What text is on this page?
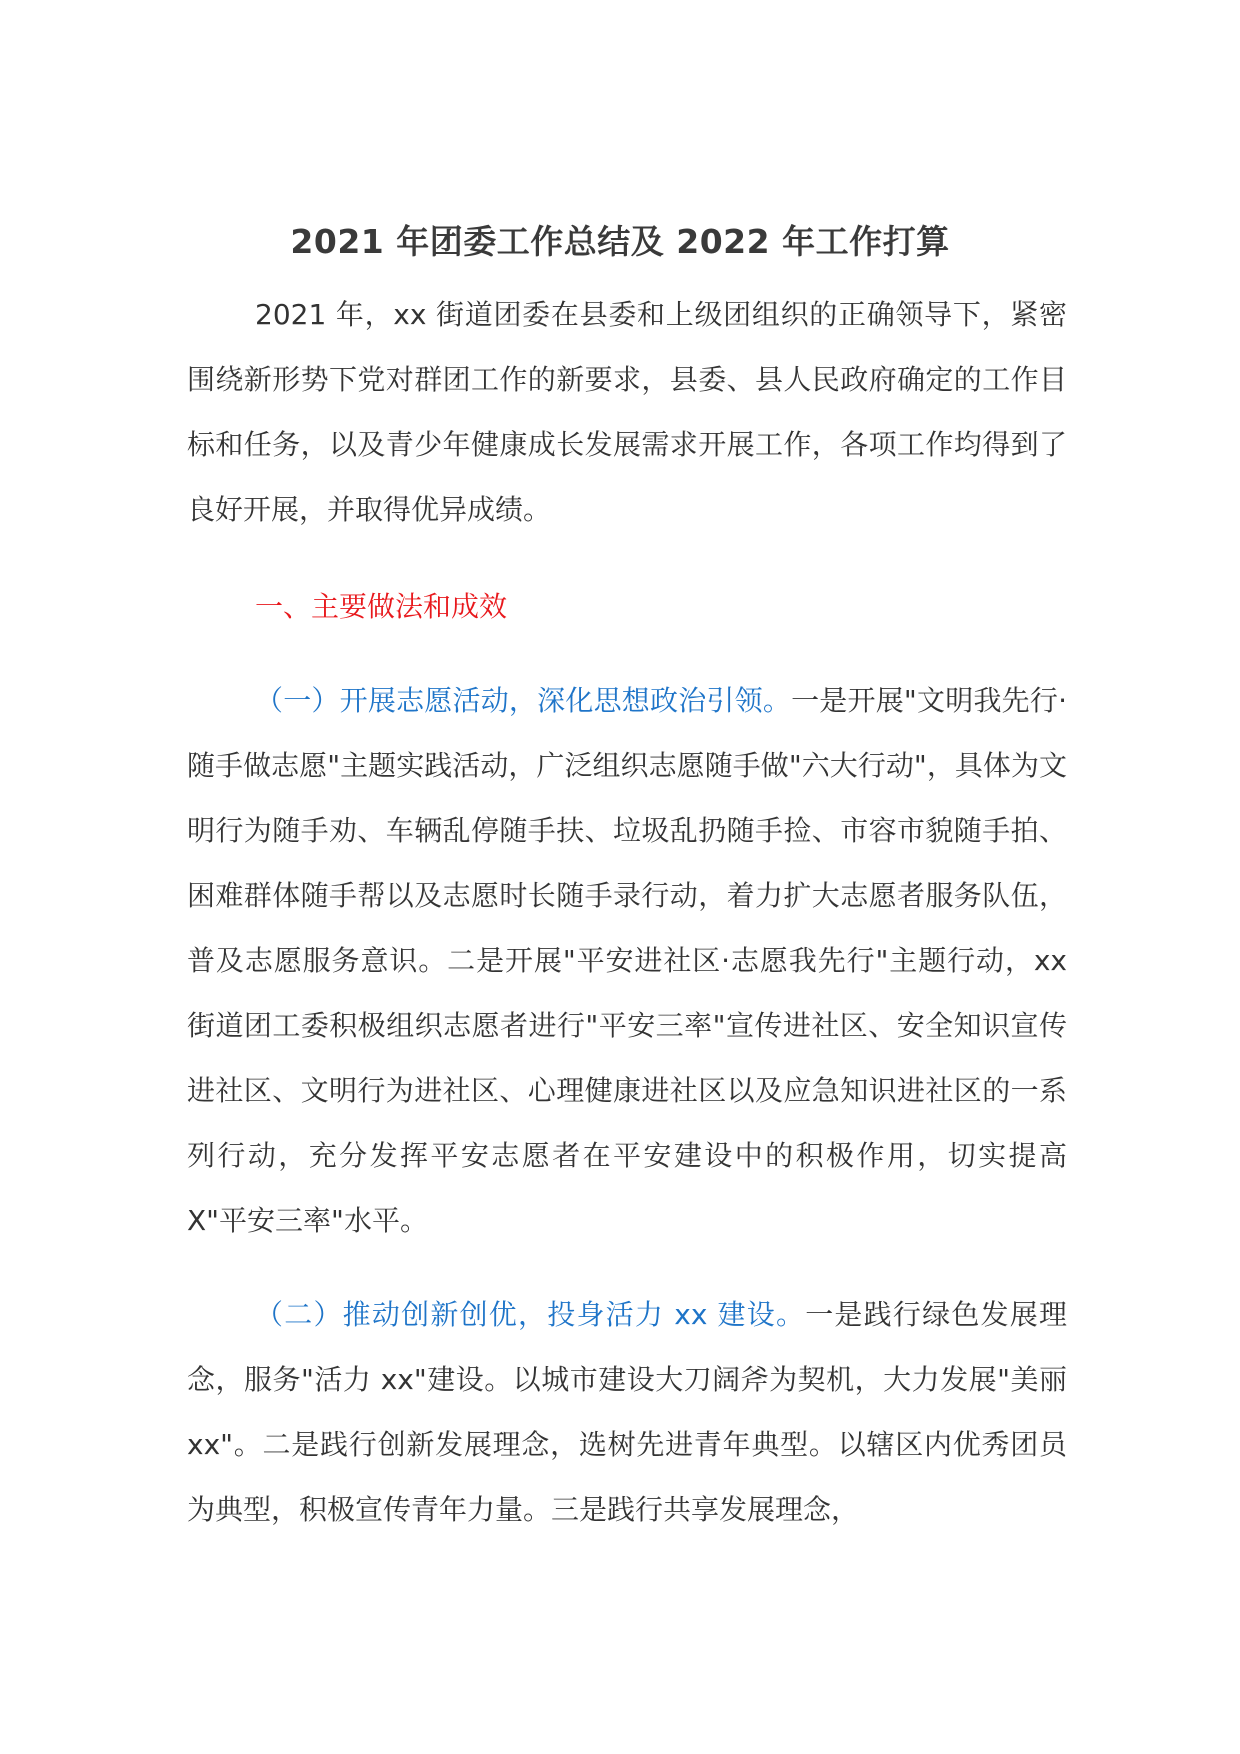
2021 年团委工作总结及 2022 年工作打算

2021 年，xx 街道团委在县委和上级团组织的正确领导下，紧密围绕新形势下党对群团工作的新要求，县委、县人民政府确定的工作目标和任务，以及青少年健康成长发展需求开展工作，各项工作均得到了良好开展，并取得优异成绩。

一、主要做法和成效

（一）开展志愿活动，深化思想政治引领。一是开展"文明我先行·随手做志愿"主题实践活动，广泛组织志愿随手做"六大行动"，具体为文明行为随手劝、车辆乱停随手扶、垃圾乱扔随手捡、市容市貌随手拍、困难群体随手帮以及志愿时长随手录行动，着力扩大志愿者服务队伍，普及志愿服务意识。二是开展"平安进社区·志愿我先行"主题行动，xx 街道团工委积极组织志愿者进行"平安三率"宣传进社区、安全知识宣传进社区、文明行为进社区、心理健康进社区以及应急知识进社区的一系列行动，充分发挥平安志愿者在平安建设中的积极作用，切实提高 X"平安三率"水平。

（二）推动创新创优，投身活力 xx 建设。一是践行绿色发展理念，服务"活力 xx"建设。以城市建设大刀阔斧为契机，大力发展"美丽 xx"。二是践行创新发展理念，选树先进青年典型。以辖区内优秀团员为典型，积极宣传青年力量。三是践行共享发展理念，
